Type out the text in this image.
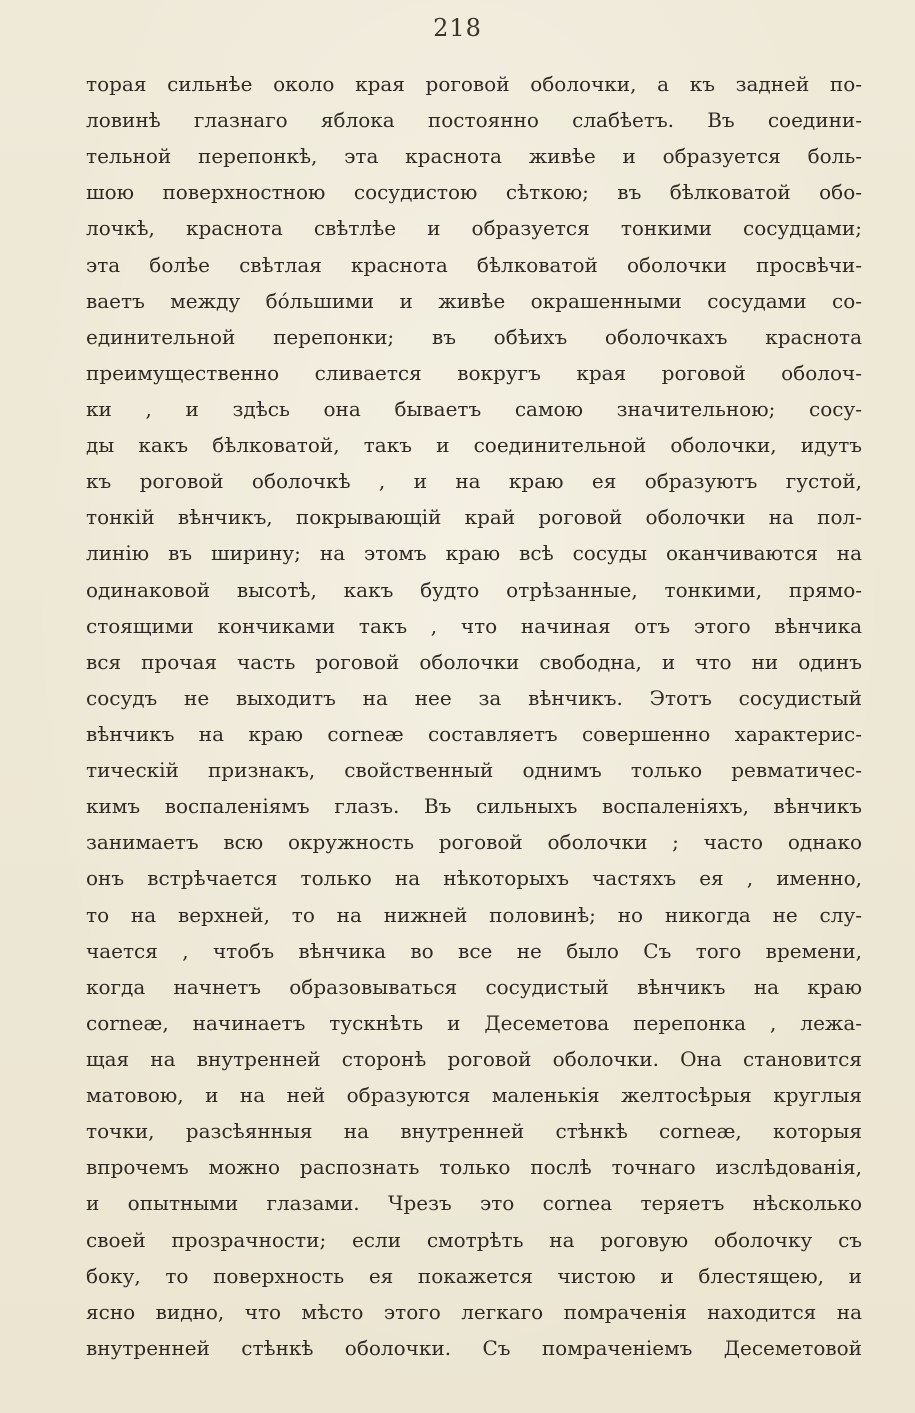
218
торая сильнѣе около края роговой оболочки, а къ задней по-
ловинѣ глазнаго яблока постоянно слабѣетъ. Въ соедини-
тельной перепонкѣ, эта краснота живѣе и образуется боль-
шою поверхностною сосудистою сѣткою; въ бѣлковатой обо-
лочкѣ, краснота свѣтлѣе и образуется тонкими сосудцами;
эта болѣе свѣтлая краснота бѣлковатой оболочки просвѣчи-
ваетъ между бо́льшими и живѣе окрашенными сосудами со-
единительной перепонки; въ обѣихъ оболочкахъ краснота
преимущественно сливается вокругъ края роговой оболоч-
ки , и здѣсь она бываетъ самою значительною; сосу-
ды какъ бѣлковатой, такъ и соединительной оболочки, идутъ
къ роговой оболочкѣ , и на краю ея образуютъ густой,
тонкій вѣнчикъ, покрывающій край роговой оболочки на пол-
линію въ ширину; на этомъ краю всѣ сосуды оканчиваются на
одинаковой высотѣ, какъ будто отрѣзанные, тонкими, прямо-
стоящими кончиками такъ , что начиная отъ этого вѣнчика
вся прочая часть роговой оболочки свободна, и что ни одинъ
сосудъ не выходитъ на нее за вѣнчикъ. Этотъ сосудистый
вѣнчикъ на краю corneæ составляетъ совершенно характерис-
тическій признакъ, свойственный однимъ только ревматичес-
кимъ воспаленіямъ глазъ. Въ сильныхъ воспаленіяхъ, вѣнчикъ
занимаетъ всю окружность роговой оболочки ; часто однако
онъ встрѣчается только на нѣкоторыхъ частяхъ ея , именно,
то на верхней, то на нижней половинѣ; но никогда не слу-
чается , чтобъ вѣнчика во все не было Съ того времени,
когда начнетъ образовываться сосудистый вѣнчикъ на краю
corneæ, начинаетъ тускнѣть и Десеметова перепонка , лежа-
щая на внутренней сторонѣ роговой оболочки. Она становится
матовою, и на ней образуются маленькія желтосѣрыя круглыя
точки, разсѣянныя на внутренней стѣнкѣ corneæ, которыя
впрочемъ можно распознать только послѣ точнаго изслѣдованія,
и опытными глазами. Чрезъ это cornea теряетъ нѣсколько
своей прозрачности; если смотрѣть на роговую оболочку съ
боку, то поверхность ея покажется чистою и блестящею, и
ясно видно, что мѣсто этого легкаго помраченія находится на
внутренней стѣнкѣ оболочки. Съ помраченіемъ Десеметовой
